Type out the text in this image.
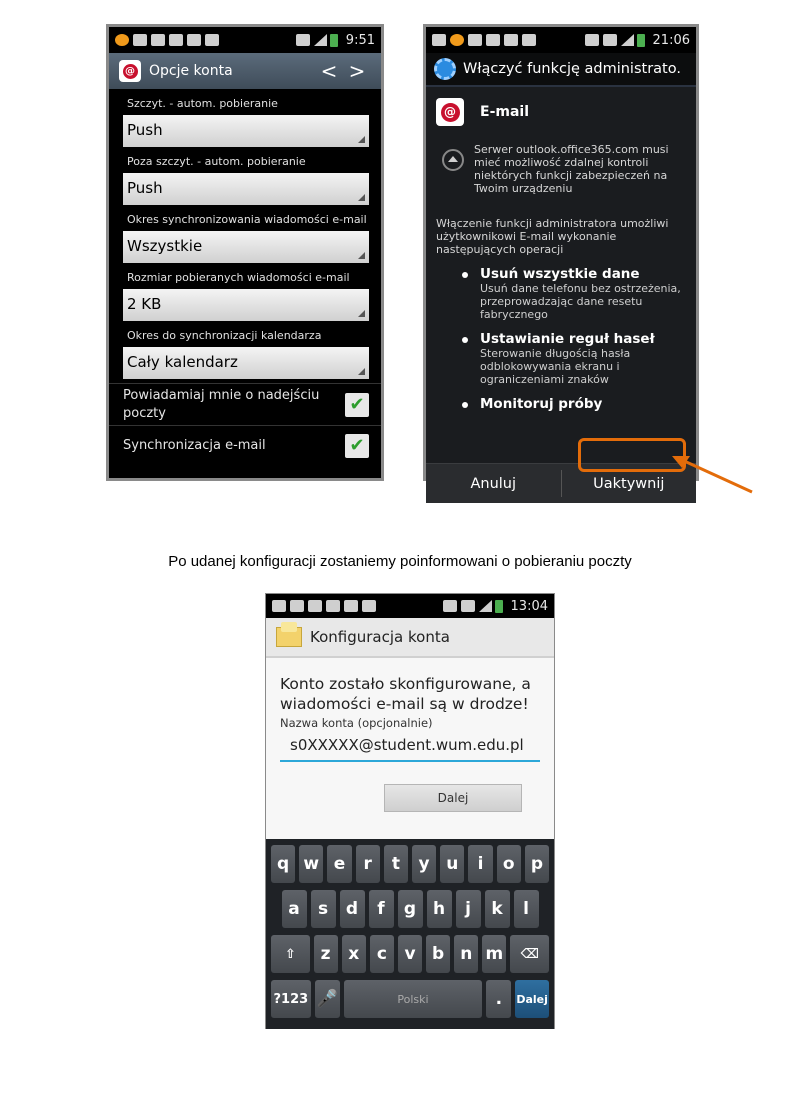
9:51
@ Opcje konta	< >
Szczyt. - autom. pobieranie
Push
Poza szczyt. - autom. pobieranie
Push
Okres synchronizowania wiadomości e-mail
Wszystkie
Rozmiar pobieranych wiadomości e-mail
2 KB
Okres do synchronizacji kalendarza
Cały kalendarz
Powiadamiaj mnie o nadejściu poczty	✔
Synchronizacja e-mail	✔
21:06
Włączyć funkcję administrato.
@ E-mail
Serwer outlook.office365.com musi mieć możliwość zdalnej kontroli niektórych funkcji zabezpieczeń na Twoim urządzeniu
Włączenie funkcji administratora umożliwi użytkownikowi E-mail wykonanie następujących operacji
Usuń wszystkie dane
Usuń dane telefonu bez ostrzeżenia, przeprowadzając dane resetu fabrycznego
Ustawianie reguł haseł
Sterowanie długością hasła odblokowywania ekranu i ograniczeniami znaków
Monitoruj próby
Anuluj	Uaktywnij
Po udanej konfiguracji zostaniemy poinformowani o pobieraniu poczty
13:04
Konfiguracja konta
Konto zostało skonfigurowane, a wiadomości e-mail są w drodze!
Nazwa konta (opcjonalnie)
s0XXXXX@student.wum.edu.pl
Dalej
q w e	r	t	y u	i	o p
a	s	d	f	g h	j	k	l
⇧	z	x	c	v b n m	⌫
?123 🎤	Polski	.	Dalej
